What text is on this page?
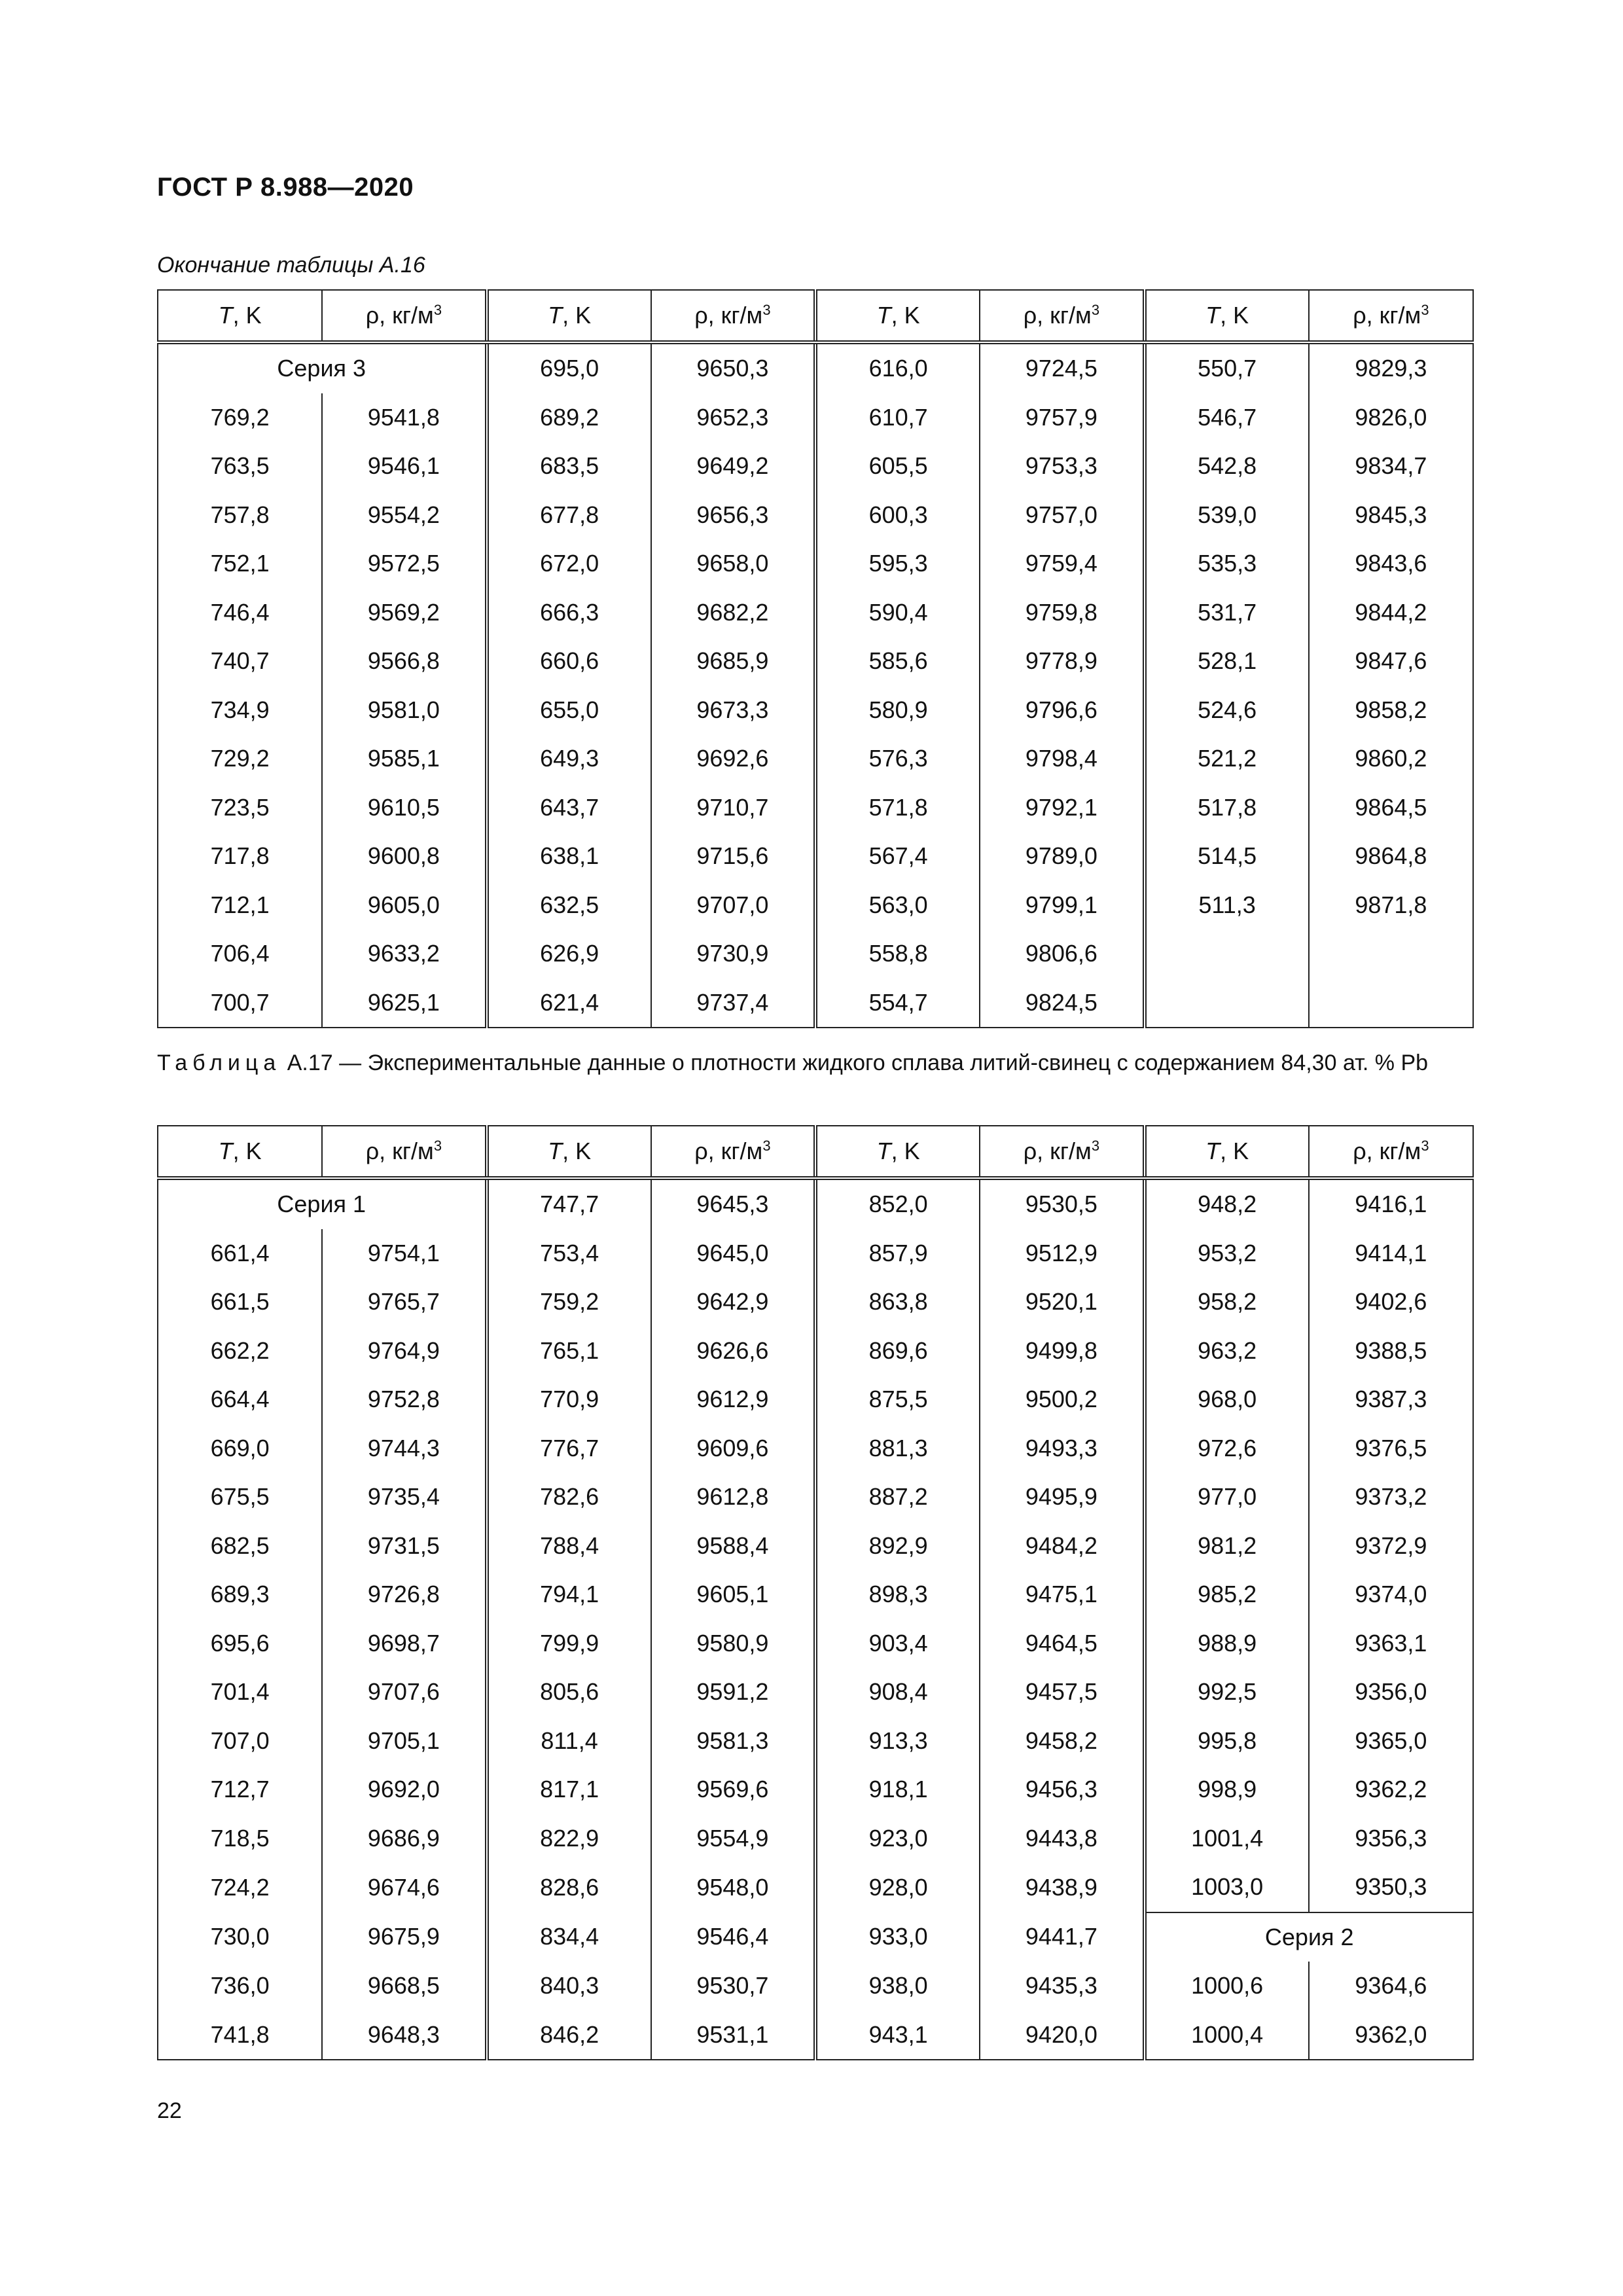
ГОСТ Р 8.988—2020
Окончание таблицы А.16
T, K	ρ, $кг/м^3$	T, K	ρ, $кг/м^3$	T, K	ρ, $кг/м^3$	T, K	ρ, $кг/м^3$
Серия 3		695,0	9650,3	616,0	9724,5	550,7	9829,3
769,2	9541,8	689,2	9652,3	610,7	9757,9	546,7	9826,0
763,5	9546,1	683,5	9649,2	605,5	9753,3	542,8	9834,7
757,8	9554,2	677,8	9656,3	600,3	9757,0	539,0	9845,3
752,1	9572,5	672,0	9658,0	595,3	9759,4	535,3	9843,6
746,4	9569,2	666,3	9682,2	590,4	9759,8	531,7	9844,2
740,7	9566,8	660,6	9685,9	585,6	9778,9	528,1	9847,6
734,9	9581,0	655,0	9673,3	580,9	9796,6	524,6	9858,2
729,2	9585,1	649,3	9692,6	576,3	9798,4	521,2	9860,2
723,5	9610,5	643,7	9710,7	571,8	9792,1	517,8	9864,5
717,8	9600,8	638,1	9715,6	567,4	9789,0	514,5	9864,8
712,1	9605,0	632,5	9707,0	563,0	9799,1	511,3	9871,8
706,4	9633,2	626,9	9730,9	558,8	9806,6		
700,7	9625,1	621,4	9737,4	554,7	9824,5		
Таблица А.17 — Экспериментальные данные о плотности жидкого сплава литий-свинец с содержанием 84,30 ат. % Pb
T, K	ρ, $кг/м^3$	T, K	ρ, $кг/м^3$	T, K	ρ, $кг/м^3$	T, K	ρ, $кг/м^3$
Серия 1		747,7	9645,3	852,0	9530,5	948,2	9416,1
661,4	9754,1	753,4	9645,0	857,9	9512,9	953,2	9414,1
661,5	9765,7	759,2	9642,9	863,8	9520,1	958,2	9402,6
662,2	9764,9	765,1	9626,6	869,6	9499,8	963,2	9388,5
664,4	9752,8	770,9	9612,9	875,5	9500,2	968,0	9387,3
669,0	9744,3	776,7	9609,6	881,3	9493,3	972,6	9376,5
675,5	9735,4	782,6	9612,8	887,2	9495,9	977,0	9373,2
682,5	9731,5	788,4	9588,4	892,9	9484,2	981,2	9372,9
689,3	9726,8	794,1	9605,1	898,3	9475,1	985,2	9374,0
695,6	9698,7	799,9	9580,9	903,4	9464,5	988,9	9363,1
701,4	9707,6	805,6	9591,2	908,4	9457,5	992,5	9356,0
707,0	9705,1	811,4	9581,3	913,3	9458,2	995,8	9365,0
712,7	9692,0	817,1	9569,6	918,1	9456,3	998,9	9362,2
718,5	9686,9	822,9	9554,9	923,0	9443,8	1001,4	9356,3
724,2	9674,6	828,6	9548,0	928,0	9438,9	1003,0	9350,3
730,0	9675,9	834,4	9546,4	933,0	9441,7	Серия 2	
736,0	9668,5	840,3	9530,7	938,0	9435,3	1000,6	9364,6
741,8	9648,3	846,2	9531,1	943,1	9420,0	1000,4	9362,0
22
